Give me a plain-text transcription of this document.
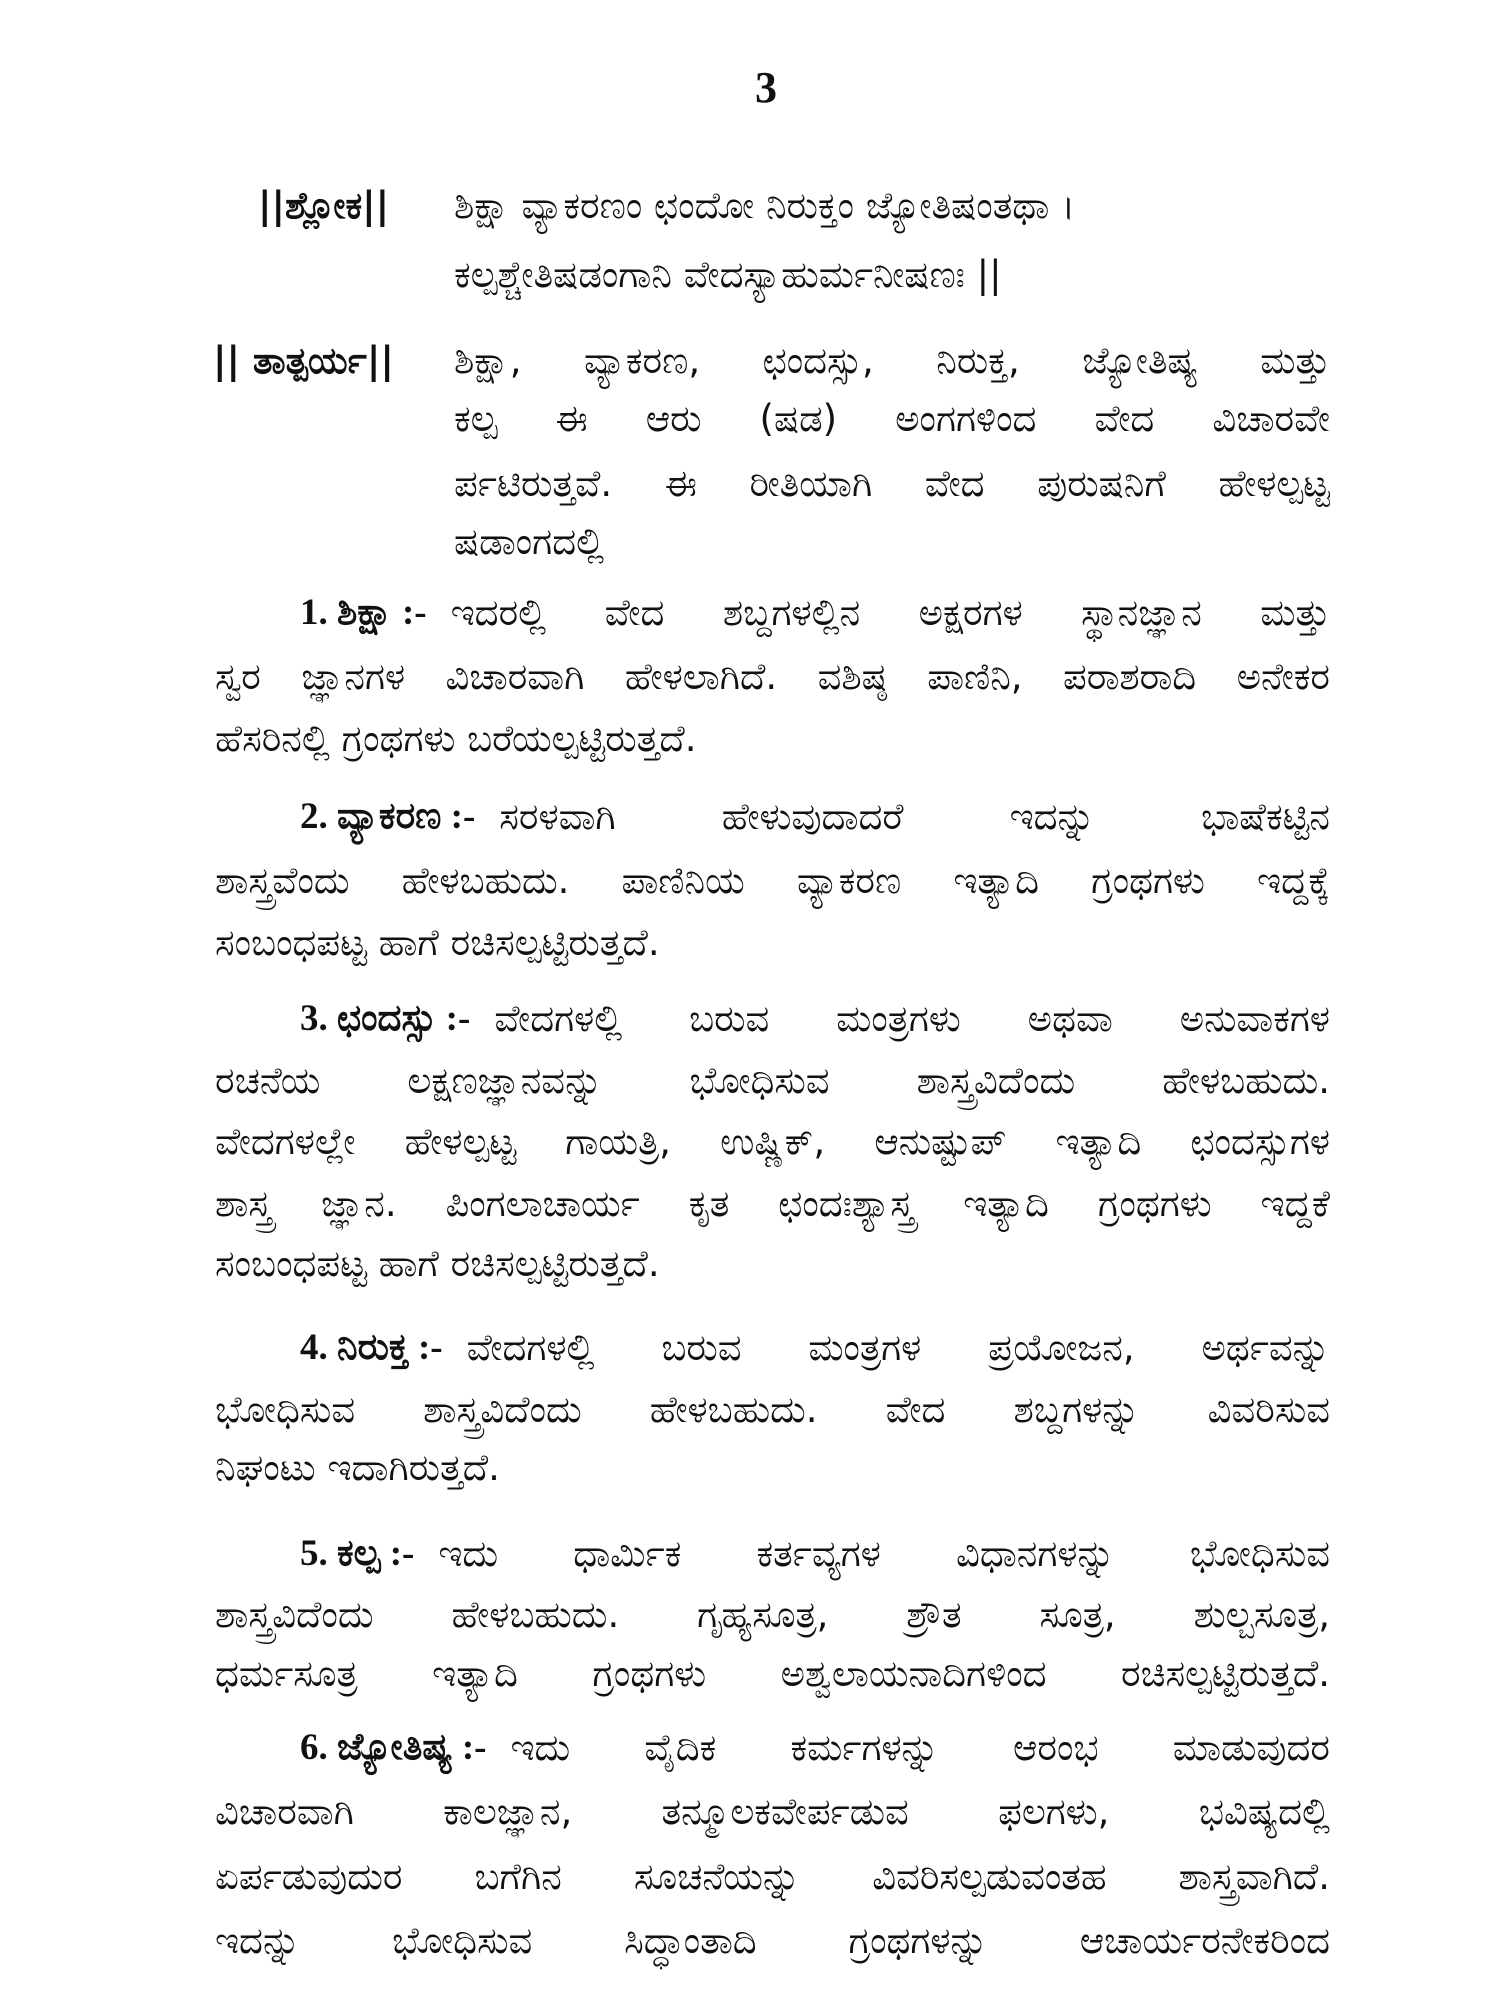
3
||ಶ್ಲೋಕ|| ಶಿಕ್ಷಾ ವ್ಯಾಕರಣಂ ಛಂದೋ ನಿರುಕ್ತಂ ಜ್ಯೋತಿಷಂತಥಾ ।
ಕಲ್ಪಶ್ಚೇತಿಷಡಂಗಾನಿ ವೇದಸ್ಯಾಹುರ್ಮನೀಷಣಃ ||
|| ತಾತ್ಪರ್ಯ|| ಶಿಕ್ಷಾ, ವ್ಯಾಕರಣ, ಛಂದಸ್ಸು, ನಿರುಕ್ತ, ಜ್ಯೋತಿಷ್ಯ ಮತ್ತು
ಕಲ್ಪ ಈ ಆರು (ಷಡ) ಅಂಗಗಳಿಂದ ವೇದ ವಿಚಾರವೇ
ರ್ಪಟಿರುತ್ತವೆ. ಈ ರೀತಿಯಾಗಿ ವೇದ ಪುರುಷನಿಗೆ ಹೇಳಲ್ಪಟ್ಟ
ಷಡಾಂಗದಲ್ಲಿ
1. ಶಿಕ್ಷಾ :- ಇದರಲ್ಲಿ ವೇದ ಶಬ್ದಗಳಲ್ಲಿನ ಅಕ್ಷರಗಳ ಸ್ಥಾನಜ್ಞಾನ ಮತ್ತು
ಸ್ವರ ಜ್ಞಾನಗಳ ವಿಚಾರವಾಗಿ ಹೇಳಲಾಗಿದೆ. ವಶಿಷ್ಠ ಪಾಣಿನಿ, ಪರಾಶರಾದಿ ಅನೇಕರ
ಹೆಸರಿನಲ್ಲಿ ಗ್ರಂಥಗಳು ಬರೆಯಲ್ಪಟ್ಟಿರುತ್ತದೆ.
2. ವ್ಯಾಕರಣ :- ಸರಳವಾಗಿ ಹೇಳುವುದಾದರೆ ಇದನ್ನು ಭಾಷೆಕಟ್ಟಿನ
ಶಾಸ್ತ್ರವೆಂದು ಹೇಳಬಹುದು. ಪಾಣಿನಿಯ ವ್ಯಾಕರಣ ಇತ್ಯಾದಿ ಗ್ರಂಥಗಳು ಇದ್ದಕ್ಕೆ
ಸಂಬಂಧಪಟ್ಟ ಹಾಗೆ ರಚಿಸಲ್ಪಟ್ಟಿರುತ್ತದೆ.
3. ಛಂದಸ್ಸು :- ವೇದಗಳಲ್ಲಿ ಬರುವ ಮಂತ್ರಗಳು ಅಥವಾ ಅನುವಾಕಗಳ
ರಚನೆಯ ಲಕ್ಷಣಜ್ಞಾನವನ್ನು ಭೋಧಿಸುವ ಶಾಸ್ತ್ರವಿದೆಂದು ಹೇಳಬಹುದು.
ವೇದಗಳಲ್ಲೇ ಹೇಳಲ್ಪಟ್ಟ ಗಾಯತ್ರಿ, ಉಷ್ಣಿಕ್, ಆನುಷ್ಟುಪ್ ಇತ್ಯಾದಿ ಛಂದಸ್ಸುಗಳ
ಶಾಸ್ತ್ರ ಜ್ಞಾನ. ಪಿಂಗಲಾಚಾರ್ಯ ಕೃತ ಛಂದಃಶ್ಯಾಸ್ತ್ರ ಇತ್ಯಾದಿ ಗ್ರಂಥಗಳು ಇದ್ದಕೆ
ಸಂಬಂಧಪಟ್ಟ ಹಾಗೆ ರಚಿಸಲ್ಪಟ್ಟಿರುತ್ತದೆ.
4. ನಿರುಕ್ತ :- ವೇದಗಳಲ್ಲಿ ಬರುವ ಮಂತ್ರಗಳ ಪ್ರಯೋಜನ, ಅರ್ಥವನ್ನು
ಭೋಧಿಸುವ ಶಾಸ್ತ್ರವಿದೆಂದು ಹೇಳಬಹುದು. ವೇದ ಶಬ್ದಗಳನ್ನು ವಿವರಿಸುವ
ನಿಘಂಟು ಇದಾಗಿರುತ್ತದೆ.
5. ಕಲ್ಪ :- ಇದು ಧಾರ್ಮಿಕ ಕರ್ತವ್ಯಗಳ ವಿಧಾನಗಳನ್ನು ಭೋಧಿಸುವ
ಶಾಸ್ತ್ರವಿದೆಂದು ಹೇಳಬಹುದು. ಗೃಹ್ಯಸೂತ್ರ, ಶ್ರೌತ ಸೂತ್ರ, ಶುಲ್ಬಸೂತ್ರ,
ಧರ್ಮಸೂತ್ರ ಇತ್ಯಾದಿ ಗ್ರಂಥಗಳು ಅಶ್ವಲಾಯನಾದಿಗಳಿಂದ ರಚಿಸಲ್ಪಟ್ಟಿರುತ್ತದೆ.
6. ಜ್ಯೋತಿಷ್ಯ :- ಇದು ವೈದಿಕ ಕರ್ಮಗಳನ್ನು ಆರಂಭ ಮಾಡುವುದರ
ವಿಚಾರವಾಗಿ ಕಾಲಜ್ಞಾನ, ತನ್ಮೂಲಕವೇರ್ಪಡುವ ಫಲಗಳು, ಭವಿಷ್ಯದಲ್ಲಿ
ಏರ್ಪಡುವುದುರ ಬಗೆಗಿನ ಸೂಚನೆಯನ್ನು ವಿವರಿಸಲ್ಪಡುವಂತಹ ಶಾಸ್ತ್ರವಾಗಿದೆ.
ಇದನ್ನು ಭೋಧಿಸುವ ಸಿದ್ಧಾಂತಾದಿ ಗ್ರಂಥಗಳನ್ನು ಆಚಾರ್ಯರನೇಕರಿಂದ
